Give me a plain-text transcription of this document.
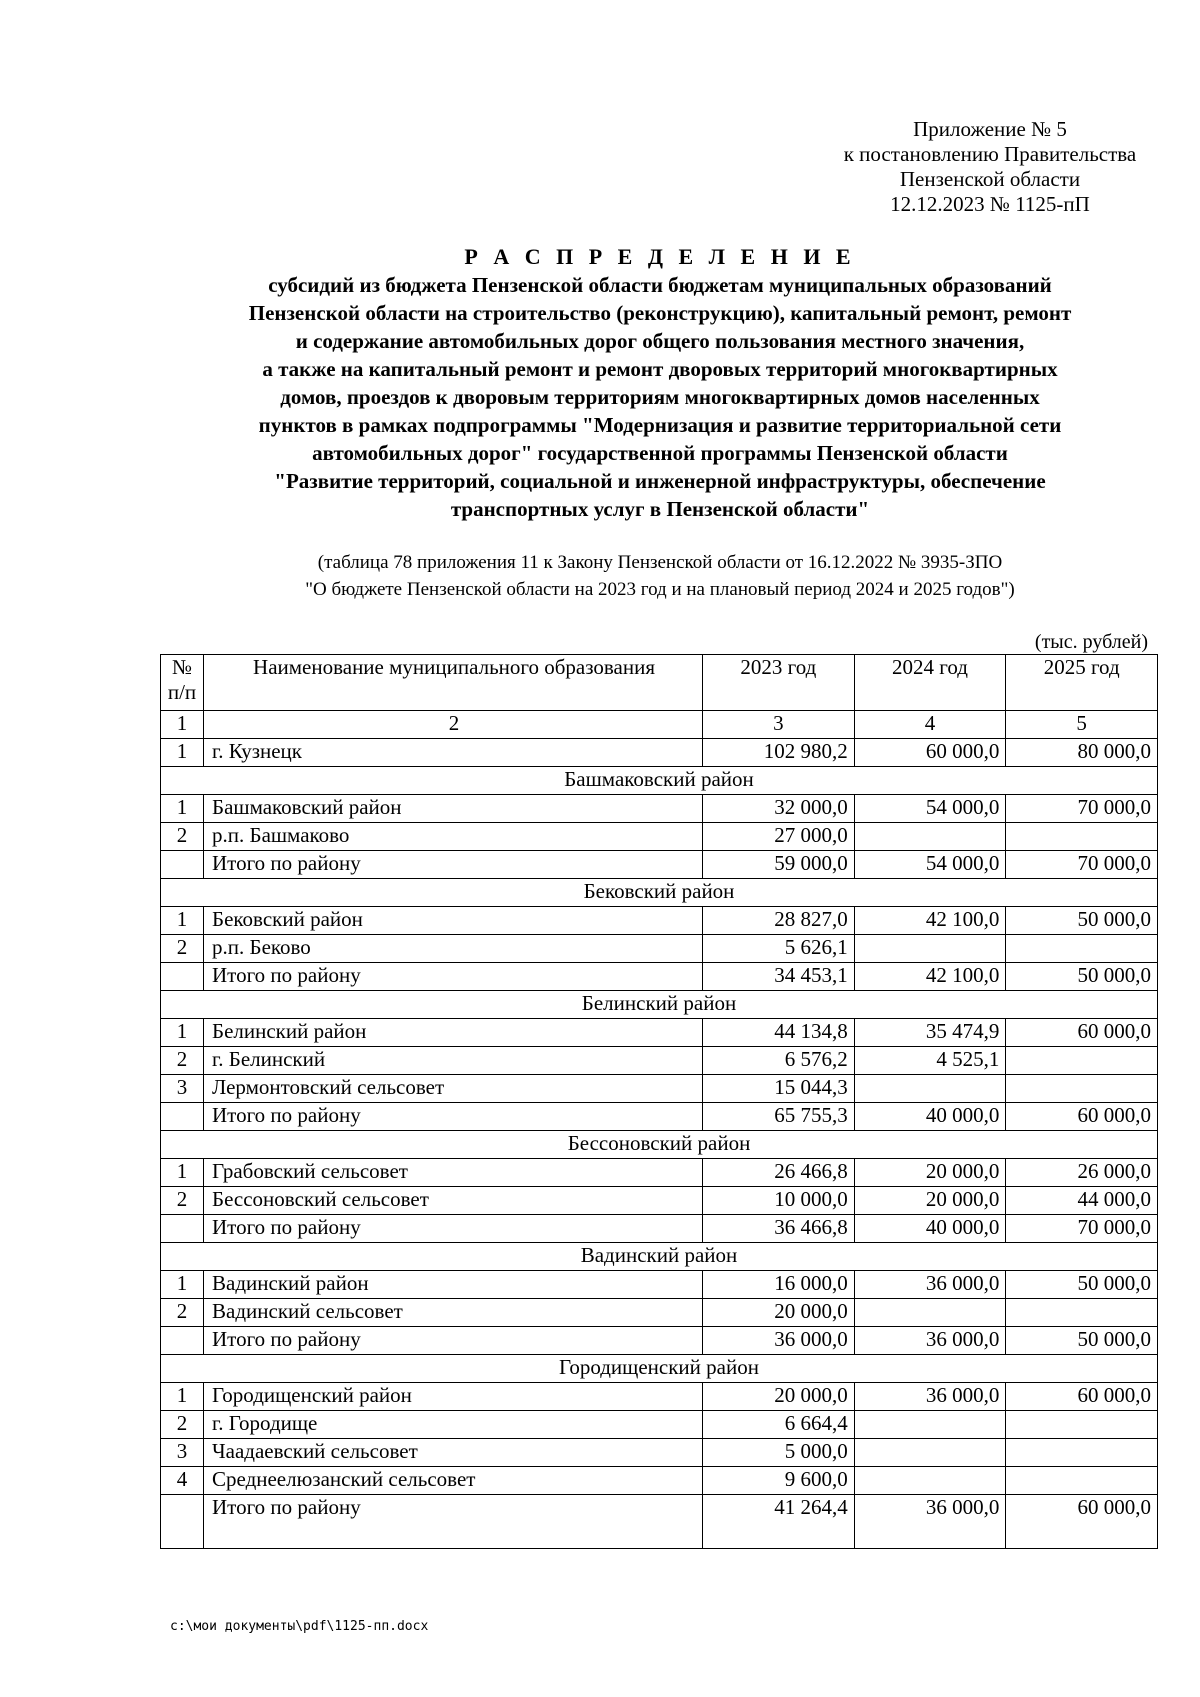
Приложение № 5
к постановлению Правительства
Пензенской области
12.12.2023 № 1125-пП
Р А С П Р Е Д Е Л Е Н И Е
субсидий из бюджета Пензенской области бюджетам муниципальных образований
Пензенской области на строительство (реконструкцию), капитальный ремонт, ремонт
и содержание автомобильных дорог общего пользования местного значения,
а также на капитальный ремонт и ремонт дворовых территорий многоквартирных
домов, проездов к дворовым территориям многоквартирных домов населенных
пунктов в рамках подпрограммы "Модернизация и развитие территориальной сети
автомобильных дорог" государственной программы Пензенской области
"Развитие территорий, социальной и инженерной инфраструктуры, обеспечение
транспортных услуг в Пензенской области"
(таблица 78 приложения 11 к Закону Пензенской области от 16.12.2022 № 3935-ЗПО
"О бюджете Пензенской области на 2023 год и на плановый период 2024 и 2025 годов")
(тыс. рублей)
№ п/п	Наименование муниципального образования	2023 год	2024 год	2025 год
1	2	3	4	5
1	г. Кузнецк	102 980,2	60 000,0	80 000,0
Башмаковский район				
1	Башмаковский район	32 000,0	54 000,0	70 000,0
2	р.п. Башмаково	27 000,0		
	Итого по району	59 000,0	54 000,0	70 000,0
Бековский район				
1	Бековский район	28 827,0	42 100,0	50 000,0
2	р.п. Беково	5 626,1		
	Итого по району	34 453,1	42 100,0	50 000,0
Белинский район				
1	Белинский район	44 134,8	35 474,9	60 000,0
2	г. Белинский	6 576,2	4 525,1	
3	Лермонтовский сельсовет	15 044,3		
	Итого по району	65 755,3	40 000,0	60 000,0
Бессоновский район				
1	Грабовский сельсовет	26 466,8	20 000,0	26 000,0
2	Бессоновский сельсовет	10 000,0	20 000,0	44 000,0
	Итого по району	36 466,8	40 000,0	70 000,0
Вадинский район				
1	Вадинский район	16 000,0	36 000,0	50 000,0
2	Вадинский сельсовет	20 000,0		
	Итого по району	36 000,0	36 000,0	50 000,0
Городищенский район				
1	Городищенский район	20 000,0	36 000,0	60 000,0
2	г. Городище	6 664,4		
3	Чаадаевский сельсовет	5 000,0		
4	Среднеелюзанский сельсовет	9 600,0		
	Итого по району	41 264,4	36 000,0	60 000,0
c:\мои документы\pdf\1125-пп.docx
